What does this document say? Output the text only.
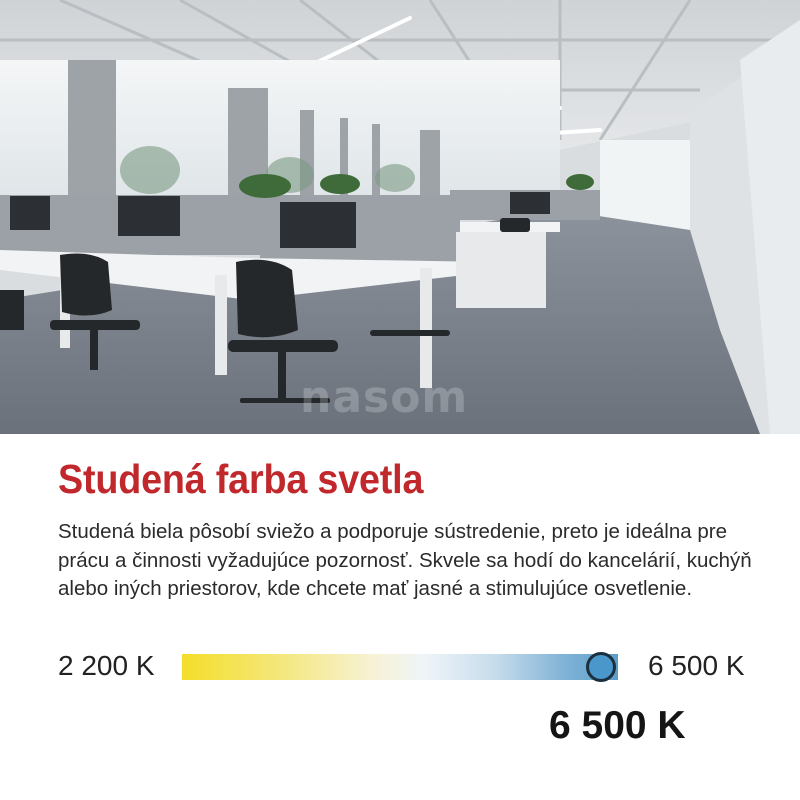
nasom
Studená farba svetla

Studená biela pôsobí sviežo a podporuje sústredenie, preto je ideálna pre
prácu a činnosti vyžadujúce pozornosť. Skvele sa hodí do kancelárií, kuchýň
alebo iných priestorov, kde chcete mať jasné a stimulujúce osvetlenie.

2 200 K	6 500 K
6 500 K
